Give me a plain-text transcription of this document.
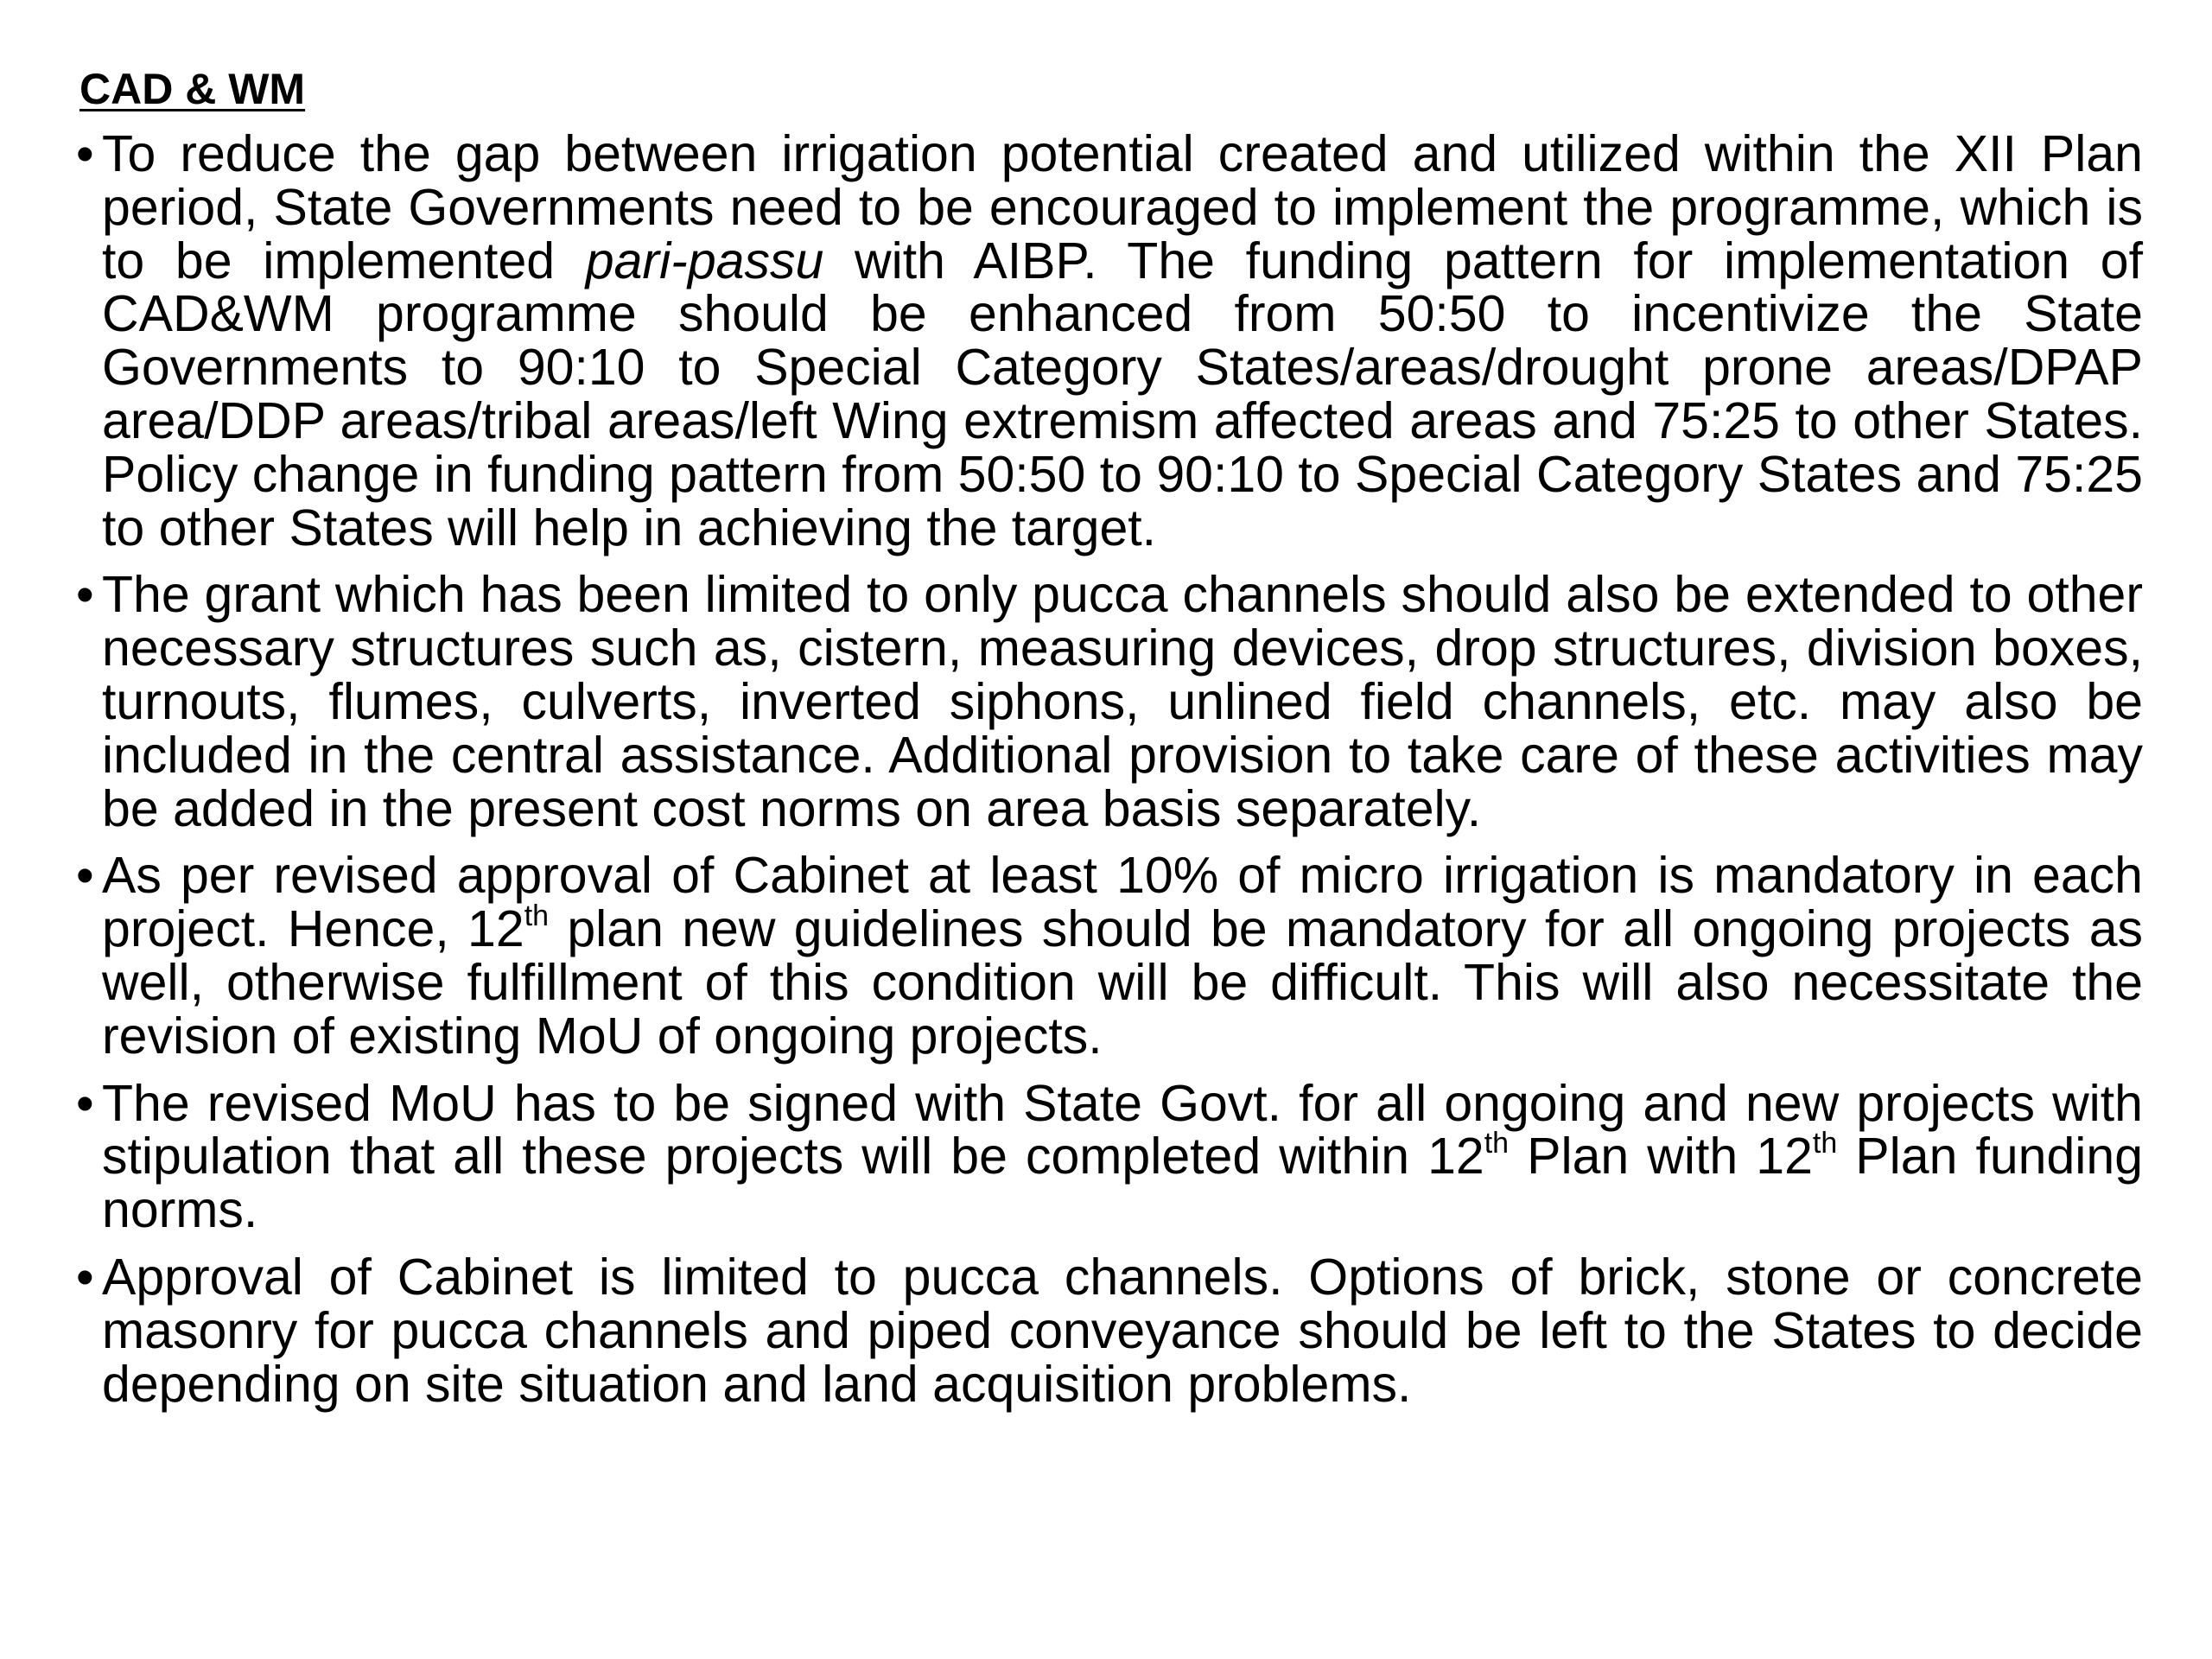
CAD & WM
• To reduce the gap between irrigation potential created and utilized within the XII Plan period, State Governments need to be encouraged to implement the programme, which is to be implemented pari-passu with AIBP. The funding pattern for implementation of CAD&WM programme should be enhanced from 50:50 to incentivize the State Governments to 90:10 to Special Category States/areas/drought prone areas/DPAP area/DDP areas/tribal areas/left Wing extremism affected areas and 75:25 to other States. Policy change in funding pattern from 50:50 to 90:10 to Special Category States and 75:25 to other States will help in achieving the target.
• The grant which has been limited to only pucca channels should also be extended to other necessary structures such as, cistern, measuring devices, drop structures, division boxes, turnouts, flumes, culverts, inverted siphons, unlined field channels, etc. may also be included in the central assistance. Additional provision to take care of these activities may be added in the present cost norms on area basis separately.
• As per revised approval of Cabinet at least 10% of micro irrigation is mandatory in each project. Hence, 12th plan new guidelines should be mandatory for all ongoing projects as well, otherwise fulfillment of this condition will be difficult. This will also necessitate the revision of existing MoU of ongoing projects.
• The revised MoU has to be signed with State Govt. for all ongoing and new projects with stipulation that all these projects will be completed within 12th Plan with 12th Plan funding norms.
• Approval of Cabinet is limited to pucca channels. Options of brick, stone or concrete masonry for pucca channels and piped conveyance should be left to the States to decide depending on site situation and land acquisition problems.
